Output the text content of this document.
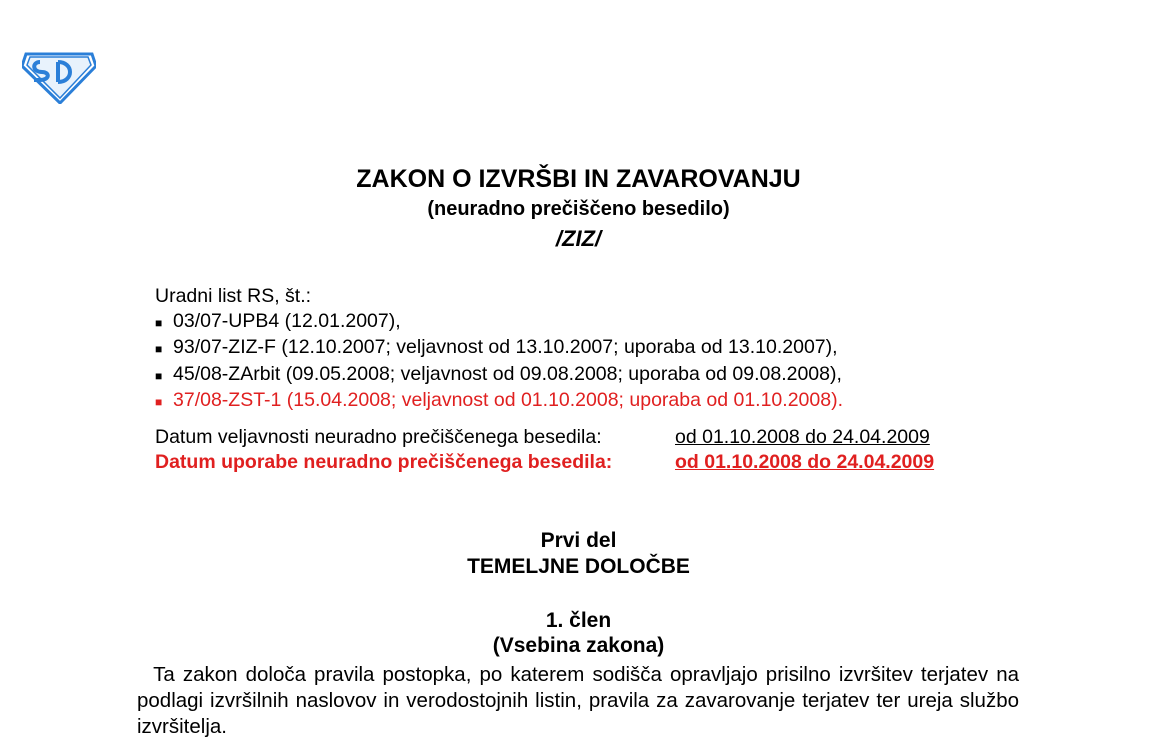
ZAKON O IZVRŠBI IN ZAVAROVANJU
(neuradno prečiščeno besedilo)
/ZIZ/
Uradni list RS, št.:
■ 03/07-UPB4 (12.01.2007),
■ 93/07-ZIZ-F (12.10.2007; veljavnost od 13.10.2007; uporaba od 13.10.2007),
■ 45/08-ZArbit (09.05.2008; veljavnost od 09.08.2008; uporaba od 09.08.2008),
■ 37/08-ZST-1 (15.04.2008; veljavnost od 01.10.2008; uporaba od 01.10.2008).
Datum veljavnosti neuradno prečiščenega besedila:	od 01.10.2008 do 24.04.2009
Datum uporabe neuradno prečiščenega besedila:	od 01.10.2008 do 24.04.2009
Prvi del
TEMELJNE DOLOČBE
1. člen
(Vsebina zakona)
Ta zakon določa pravila postopka, po katerem sodišča opravljajo prisilno izvršitev terjatev na podlagi izvršilnih naslovov in verodostojnih listin, pravila za zavarovanje terjatev ter ureja službo izvršitelja.
